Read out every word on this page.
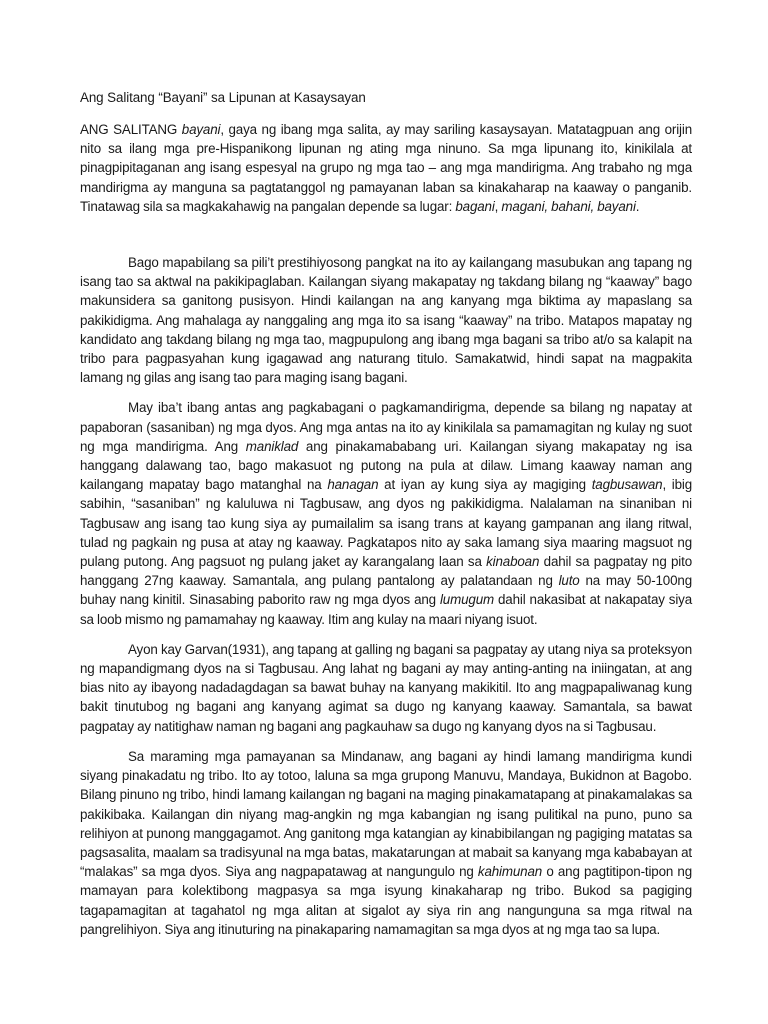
Ang Salitang “Bayani” sa Lipunan at Kasaysayan

ANG SALITANG bayani, gaya ng ibang mga salita, ay may sariling kasaysayan. Matatagpuan ang orijin nito sa ilang mga pre-Hispanikong lipunan ng ating mga ninuno. Sa mga lipunang ito, kinikilala at pinagpipitaganan ang isang espesyal na grupo ng mga tao – ang mga mandirigma. Ang trabaho ng mga mandirigma ay manguna sa pagtatanggol ng pamayanan laban sa kinakaharap na kaaway o panganib. Tinatawag sila sa magkakahawig na pangalan depende sa lugar: bagani, magani, bahani, bayani.

Bago mapabilang sa pili’t prestihiyosong pangkat na ito ay kailangang masubukan ang tapang ng isang tao sa aktwal na pakikipaglaban. Kailangan siyang makapatay ng takdang bilang ng “kaaway” bago makunsidera sa ganitong pusisyon. Hindi kailangan na ang kanyang mga biktima ay mapaslang sa pakikidigma. Ang mahalaga ay nanggaling ang mga ito sa isang “kaaway” na tribo. Matapos mapatay ng kandidato ang takdang bilang ng mga tao, magpupulong ang ibang mga bagani sa tribo at/o sa kalapit na tribo para pagpasyahan kung igagawad ang naturang titulo. Samakatwid, hindi sapat na magpakita lamang ng gilas ang isang tao para maging isang bagani.

May iba’t ibang antas ang pagkabagani o pagkamandirigma, depende sa bilang ng napatay at papaboran (sasaniban) ng mga dyos. Ang mga antas na ito ay kinikilala sa pamamagitan ng kulay ng suot ng mga mandirigma. Ang maniklad ang pinakamababang uri. Kailangan siyang makapatay ng isa hanggang dalawang tao, bago makasuot ng putong na pula at dilaw. Limang kaaway naman ang kailangang mapatay bago matanghal na hanagan at iyan ay kung siya ay magiging tagbusawan, ibig sabihin, “sasaniban” ng kaluluwa ni Tagbusaw, ang dyos ng pakikidigma. Nalalaman na sinaniban ni Tagbusaw ang isang tao kung siya ay pumailalim sa isang trans at kayang gampanan ang ilang ritwal, tulad ng pagkain ng pusa at atay ng kaaway. Pagkatapos nito ay saka lamang siya maaring magsuot ng pulang putong. Ang pagsuot ng pulang jaket ay karangalang laan sa kinaboan dahil sa pagpatay ng pito hanggang 27ng kaaway. Samantala, ang pulang pantalong ay palatandaan ng luto na may 50-100ng buhay nang kinitil. Sinasabing paborito raw ng mga dyos ang lumugum dahil nakasibat at nakapatay siya sa loob mismo ng pamamahay ng kaaway. Itim ang kulay na maari niyang isuot.

Ayon kay Garvan(1931), ang tapang at galling ng bagani sa pagpatay ay utang niya sa proteksyon ng mapandigmang dyos na si Tagbusau. Ang lahat ng bagani ay may anting-anting na iniingatan, at ang bias nito ay ibayong nadadagdagan sa bawat buhay na kanyang makikitil. Ito ang magpapaliwanag kung bakit tinutubog ng bagani ang kanyang agimat sa dugo ng kanyang kaaway. Samantala, sa bawat pagpatay ay natitighaw naman ng bagani ang pagkauhaw sa dugo ng kanyang dyos na si Tagbusau.

Sa maraming mga pamayanan sa Mindanaw, ang bagani ay hindi lamang mandirigma kundi siyang pinakadatu ng tribo. Ito ay totoo, laluna sa mga grupong Manuvu, Mandaya, Bukidnon at Bagobo. Bilang pinuno ng tribo, hindi lamang kailangan ng bagani na maging pinakamatapang at pinakamalakas sa pakikibaka. Kailangan din niyang mag-angkin ng mga kabangian ng isang pulitikal na puno, puno sa relihiyon at punong manggagamot. Ang ganitong mga katangian ay kinabibilangan ng pagiging matatas sa pagsasalita, maalam sa tradisyunal na mga batas, makatarungan at mabait sa kanyang mga kababayan at “malakas” sa mga dyos. Siya ang nagpapatawag at nangungulo ng kahimunan o ang pagtitipon-tipon ng mamayan para kolektibong magpasya sa mga isyung kinakaharap ng tribo. Bukod sa pagiging tagapamagitan at tagahatol ng mga alitan at sigalot ay siya rin ang nangunguna sa mga ritwal na pangrelihiyon. Siya ang itinuturing na pinakaparing namamagitan sa mga dyos at ng mga tao sa lupa.
